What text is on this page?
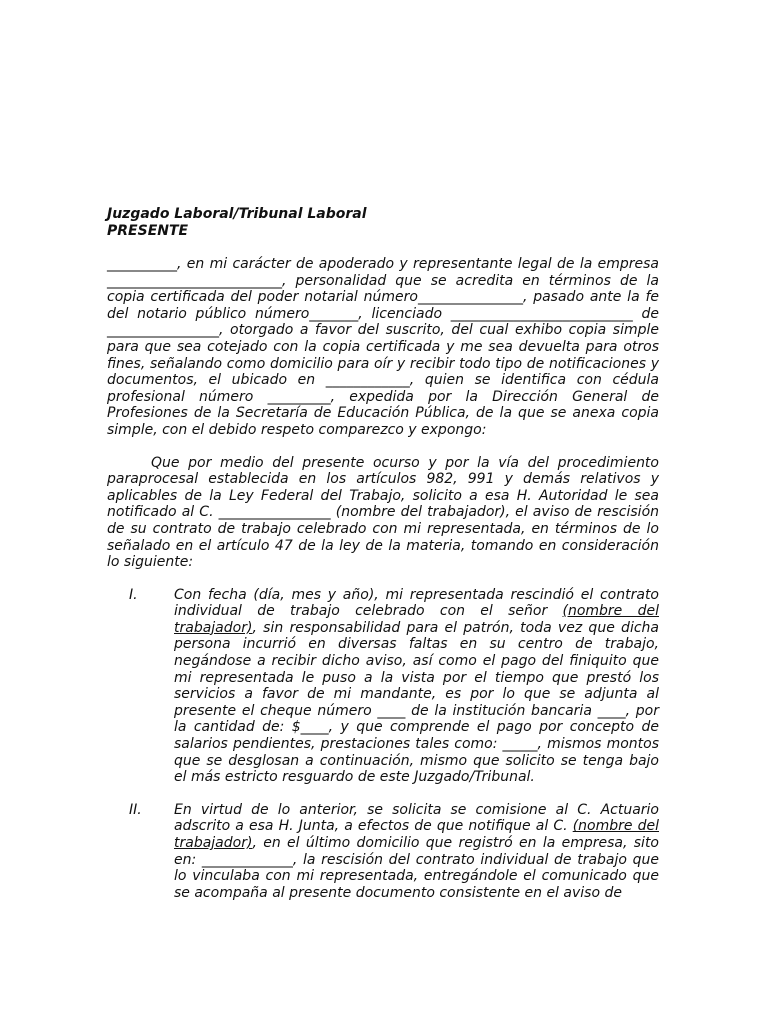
Juzgado Laboral/Tribunal Laboral
PRESENTE

__________, en mi carácter de apoderado y representante legal de la empresa _________________________, personalidad que se acredita en términos de la copia certificada del poder notarial número_______________, pasado ante la fe del notario público número_______, licenciado __________________________ de ________________, otorgado a favor del suscrito, del cual exhibo copia simple para que sea cotejado con la copia certificada y me sea devuelta para otros fines, señalando como domicilio para oír y recibir todo tipo de notificaciones y documentos, el ubicado en ____________, quien se identifica con cédula profesional número _________, expedida por la Dirección General de Profesiones de la Secretaría de Educación Pública, de la que se anexa copia simple, con el debido respeto comparezco y expongo:

Que por medio del presente ocurso y por la vía del procedimiento paraprocesal establecida en los artículos 982, 991 y demás relativos y aplicables de la Ley Federal del Trabajo, solicito a esa H. Autoridad le sea notificado al C. ________________ (nombre del trabajador), el aviso de rescisión de su contrato de trabajo celebrado con mi representada, en términos de lo señalado en el artículo 47 de la ley de la materia, tomando en consideración lo siguiente:

I.	Con fecha (día, mes y año), mi representada rescindió el contrato individual de trabajo celebrado con el señor (nombre del trabajador), sin responsabilidad para el patrón, toda vez que dicha persona incurrió en diversas faltas en su centro de trabajo, negándose a recibir dicho aviso, así como el pago del finiquito que mi representada le puso a la vista por el tiempo que prestó los servicios a favor de mi mandante, es por lo que se adjunta al presente el cheque número ____ de la institución bancaria ____, por la cantidad de: $____, y que comprende el pago por concepto de salarios pendientes, prestaciones tales como: _____, mismos montos que se desglosan a continuación, mismo que solicito se tenga bajo el más estricto resguardo de este Juzgado/Tribunal.

II.	En virtud de lo anterior, se solicita se comisione al C. Actuario adscrito a esa H. Junta, a efectos de que notifique al C. (nombre del trabajador), en el último domicilio que registró en la empresa, sito en: _____________, la rescisión del contrato individual de trabajo que lo vinculaba con mi representada, entregándole el comunicado que se acompaña al presente documento consistente en el aviso de
